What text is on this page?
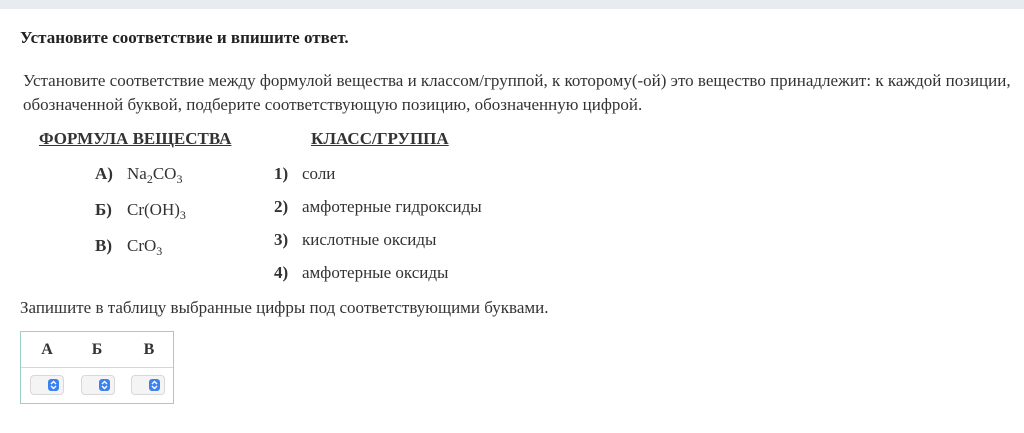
Установите соответствие и впишите ответ.
Установите соответствие между формулой вещества и классом/группой, к которому(-ой) это вещество принадлежит: к каждой позиции, обозначенной буквой, подберите соответствующую позицию, обозначенную цифрой.
ФОРМУЛА ВЕЩЕСТВА	КЛАСС/ГРУППА
А) $Na_2CO_3$
Б) $Cr(OH)_3$
В) CrO$_3$
1) соли
2) амфотерные гидроксиды
3) кислотные оксиды
4) амфотерные оксиды
Запишите в таблицу выбранные цифры под соответствующими буквами.
А	Б	В
